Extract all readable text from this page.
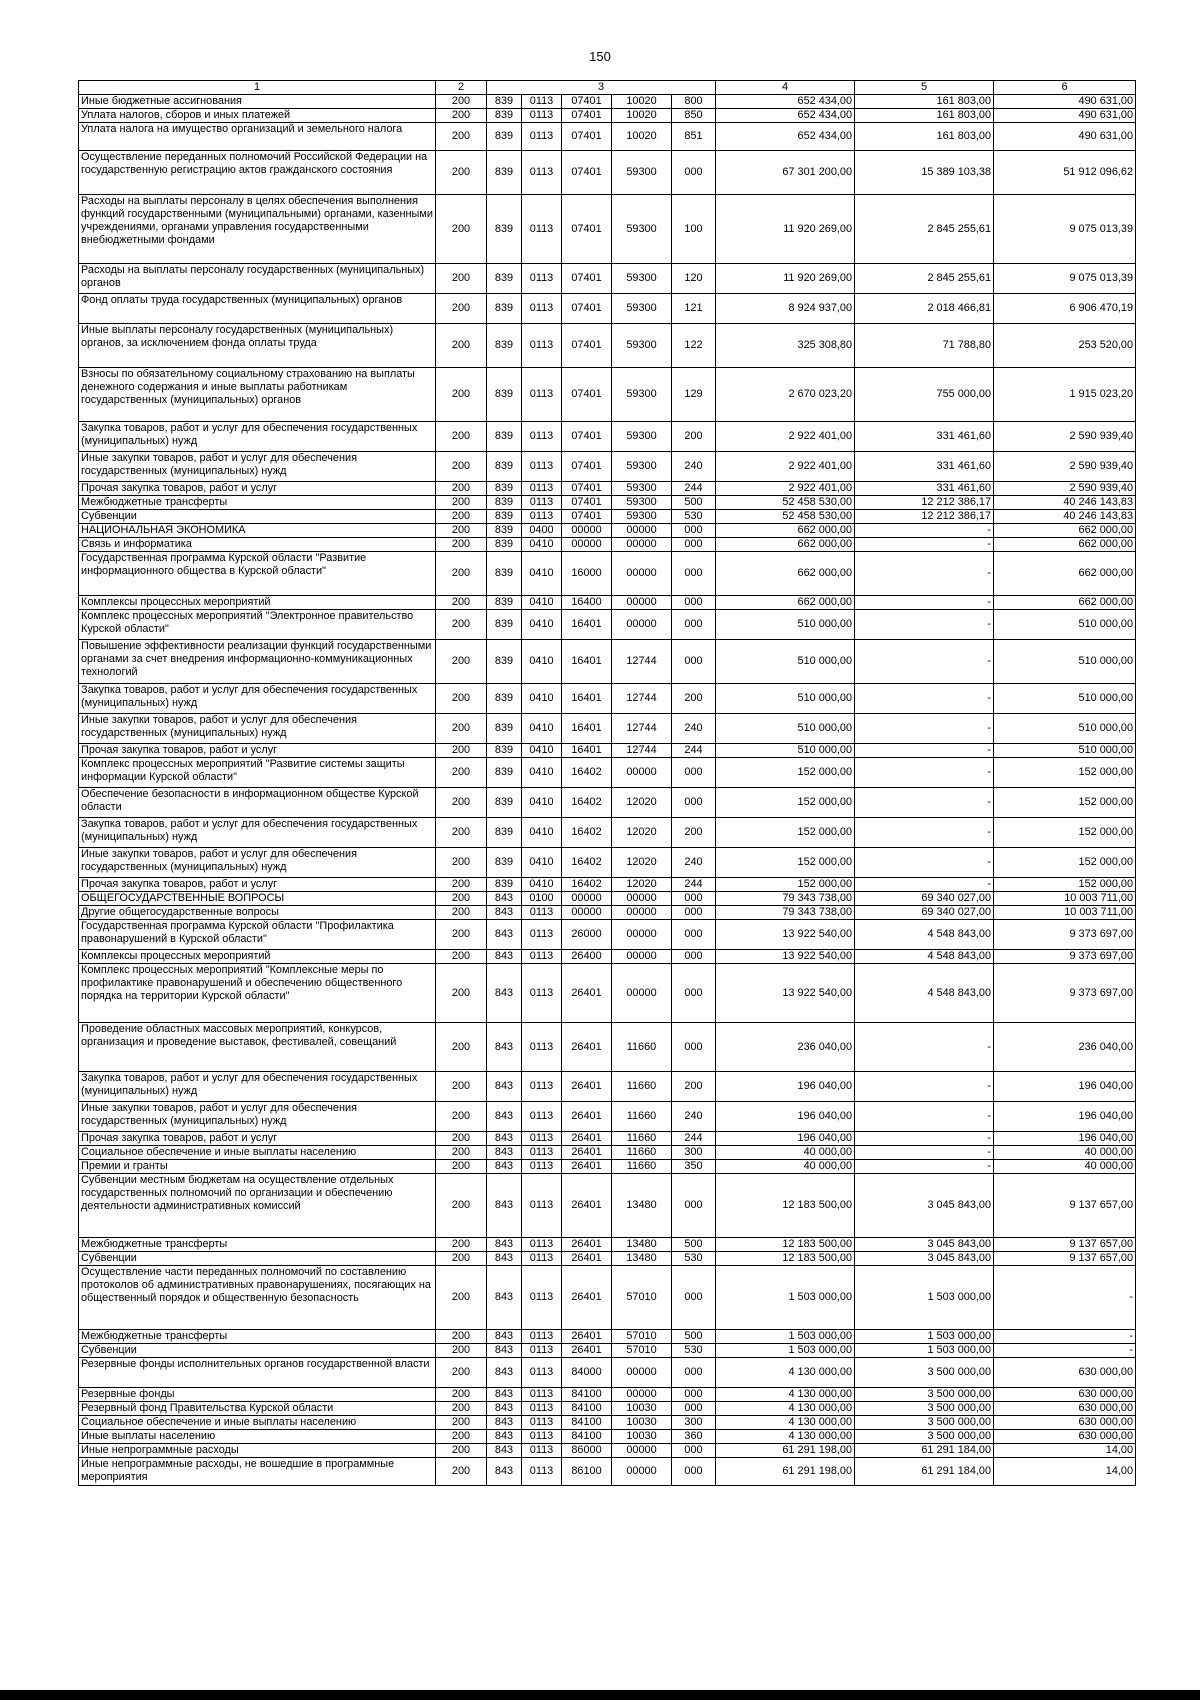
150
1	2	3					4	5	6
Иные бюджетные ассигнования	200	839	0113	07401	10020	800	652 434,00	161 803,00	490 631,00
Уплата налогов, сборов и иных платежей	200	839	0113	07401	10020	850	652 434,00	161 803,00	490 631,00
Уплата налога на имущество организаций и земельного налога	200	839	0113	07401	10020	851	652 434,00	161 803,00	490 631,00
Осуществление переданных полномочий Российской Федерации на государственную регистрацию актов гражданского состояния	200	839	0113	07401	59300	000	67 301 200,00	15 389 103,38	51 912 096,62
Расходы на выплаты персоналу в целях обеспечения выполнения функций государственными (муниципальными) органами, казенными учреждениями, органами управления государственными внебюджетными фондами	200	839	0113	07401	59300	100	11 920 269,00	2 845 255,61	9 075 013,39
Расходы на выплаты персоналу государственных (муниципальных) органов	200	839	0113	07401	59300	120	11 920 269,00	2 845 255,61	9 075 013,39
Фонд оплаты труда государственных (муниципальных) органов	200	839	0113	07401	59300	121	8 924 937,00	2 018 466,81	6 906 470,19
Иные выплаты персоналу государственных (муниципальных) органов, за исключением фонда оплаты труда	200	839	0113	07401	59300	122	325 308,80	71 788,80	253 520,00
Взносы по обязательному социальному страхованию на выплаты денежного содержания и иные выплаты работникам государственных (муниципальных) органов	200	839	0113	07401	59300	129	2 670 023,20	755 000,00	1 915 023,20
Закупка товаров, работ и услуг для обеспечения государственных (муниципальных) нужд	200	839	0113	07401	59300	200	2 922 401,00	331 461,60	2 590 939,40
Иные закупки товаров, работ и услуг для обеспечения государственных (муниципальных) нужд	200	839	0113	07401	59300	240	2 922 401,00	331 461,60	2 590 939,40
Прочая закупка товаров, работ и услуг	200	839	0113	07401	59300	244	2 922 401,00	331 461,60	2 590 939,40
Межбюджетные трансферты	200	839	0113	07401	59300	500	52 458 530,00	12 212 386,17	40 246 143,83
Субвенции	200	839	0113	07401	59300	530	52 458 530,00	12 212 386,17	40 246 143,83
НАЦИОНАЛЬНАЯ ЭКОНОМИКА	200	839	0400	00000	00000	000	662 000,00	-	662 000,00
Связь и информатика	200	839	0410	00000	00000	000	662 000,00	-	662 000,00
Государственная программа Курской области "Развитие информационного общества в Курской области"	200	839	0410	16000	00000	000	662 000,00	-	662 000,00
Комплексы процессных мероприятий	200	839	0410	16400	00000	000	662 000,00	-	662 000,00
Комплекс процессных мероприятий "Электронное правительство Курской области"	200	839	0410	16401	00000	000	510 000,00	-	510 000,00
Повышение эффективности реализации функций государственными органами за счет внедрения информационно-коммуникационных технологий	200	839	0410	16401	12744	000	510 000,00	-	510 000,00
Закупка товаров, работ и услуг для обеспечения государственных (муниципальных) нужд	200	839	0410	16401	12744	200	510 000,00	-	510 000,00
Иные закупки товаров, работ и услуг для обеспечения государственных (муниципальных) нужд	200	839	0410	16401	12744	240	510 000,00	-	510 000,00
Прочая закупка товаров, работ и услуг	200	839	0410	16401	12744	244	510 000,00	-	510 000,00
Комплекс процессных мероприятий "Развитие системы защиты информации Курской области"	200	839	0410	16402	00000	000	152 000,00	-	152 000,00
Обеспечение безопасности в информационном обществе Курской области	200	839	0410	16402	12020	000	152 000,00	-	152 000,00
Закупка товаров, работ и услуг для обеспечения государственных (муниципальных) нужд	200	839	0410	16402	12020	200	152 000,00	-	152 000,00
Иные закупки товаров, работ и услуг для обеспечения государственных (муниципальных) нужд	200	839	0410	16402	12020	240	152 000,00	-	152 000,00
Прочая закупка товаров, работ и услуг	200	839	0410	16402	12020	244	152 000,00	-	152 000,00
ОБЩЕГОСУДАРСТВЕННЫЕ ВОПРОСЫ	200	843	0100	00000	00000	000	79 343 738,00	69 340 027,00	10 003 711,00
Другие общегосударственные вопросы	200	843	0113	00000	00000	000	79 343 738,00	69 340 027,00	10 003 711,00
Государственная программа Курской области "Профилактика правонарушений в Курской области"	200	843	0113	26000	00000	000	13 922 540,00	4 548 843,00	9 373 697,00
Комплексы процессных мероприятий	200	843	0113	26400	00000	000	13 922 540,00	4 548 843,00	9 373 697,00
Комплекс процессных мероприятий "Комплексные меры по профилактике правонарушений и обеспечению общественного порядка на территории Курской области"	200	843	0113	26401	00000	000	13 922 540,00	4 548 843,00	9 373 697,00
Проведение областных массовых мероприятий, конкурсов, организация и проведение выставок, фестивалей, совещаний	200	843	0113	26401	11660	000	236 040,00	-	236 040,00
Закупка товаров, работ и услуг для обеспечения государственных (муниципальных) нужд	200	843	0113	26401	11660	200	196 040,00	-	196 040,00
Иные закупки товаров, работ и услуг для обеспечения государственных (муниципальных) нужд	200	843	0113	26401	11660	240	196 040,00	-	196 040,00
Прочая закупка товаров, работ и услуг	200	843	0113	26401	11660	244	196 040,00	-	196 040,00
Социальное обеспечение и иные выплаты населению	200	843	0113	26401	11660	300	40 000,00	-	40 000,00
Премии и гранты	200	843	0113	26401	11660	350	40 000,00	-	40 000,00
Субвенции местным бюджетам на осуществление отдельных государственных полномочий по организации и обеспечению деятельности административных комиссий	200	843	0113	26401	13480	000	12 183 500,00	3 045 843,00	9 137 657,00
Межбюджетные трансферты	200	843	0113	26401	13480	500	12 183 500,00	3 045 843,00	9 137 657,00
Субвенции	200	843	0113	26401	13480	530	12 183 500,00	3 045 843,00	9 137 657,00
Осуществление части переданных полномочий по составлению протоколов об административных правонарушениях, посягающих на общественный порядок и общественную безопасность	200	843	0113	26401	57010	000	1 503 000,00	1 503 000,00	-
Межбюджетные трансферты	200	843	0113	26401	57010	500	1 503 000,00	1 503 000,00	-
Субвенции	200	843	0113	26401	57010	530	1 503 000,00	1 503 000,00	-
Резервные фонды исполнительных органов государственной власти	200	843	0113	84000	00000	000	4 130 000,00	3 500 000,00	630 000,00
Резервные фонды	200	843	0113	84100	00000	000	4 130 000,00	3 500 000,00	630 000,00
Резервный фонд Правительства Курской области	200	843	0113	84100	10030	000	4 130 000,00	3 500 000,00	630 000,00
Социальное обеспечение и иные выплаты населению	200	843	0113	84100	10030	300	4 130 000,00	3 500 000,00	630 000,00
Иные выплаты населению	200	843	0113	84100	10030	360	4 130 000,00	3 500 000,00	630 000,00
Иные непрограммные расходы	200	843	0113	86000	00000	000	61 291 198,00	61 291 184,00	14,00
Иные непрограммные расходы, не вошедшие в программные мероприятия	200	843	0113	86100	00000	000	61 291 198,00	61 291 184,00	14,00
